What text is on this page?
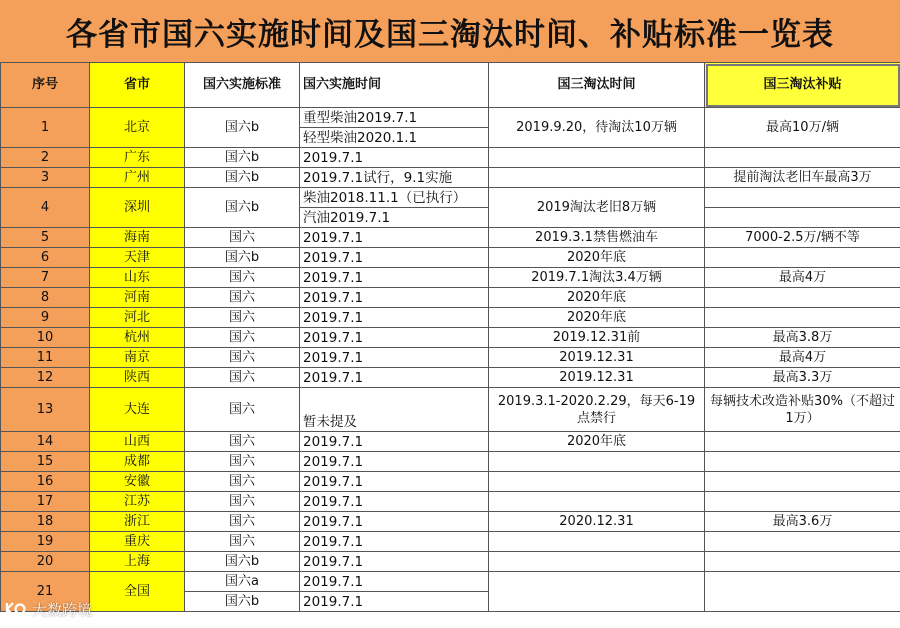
各省市国六实施时间及国三淘汰时间、补贴标准一览表
序号	省市	国六实施标准	国六实施时间	国三淘汰时间	国三淘汰补贴
1	北京	国六b	重型柴油2019.7.1	2019.9.20，待淘汰10万辆	最高10万/辆
			轻型柴油2020.1.1		
2	广东	国六b	2019.7.1		
3	广州	国六b	2019.7.1试行，9.1实施		提前淘汰老旧车最高3万
4	深圳	国六b	柴油2018.11.1（已执行）	2019淘汰老旧8万辆	
			汽油2019.7.1		
5	海南	国六	2019.7.1	2019.3.1禁售燃油车	7000-2.5万/辆不等
6	天津	国六b	2019.7.1	2020年底	
7	山东	国六	2019.7.1	2019.7.1淘汰3.4万辆	最高4万
8	河南	国六	2019.7.1	2020年底	
9	河北	国六	2019.7.1	2020年底	
10	杭州	国六	2019.7.1	2019.12.31前	最高3.8万
11	南京	国六	2019.7.1	2019.12.31	最高4万
12	陕西	国六	2019.7.1	2019.12.31	最高3.3万
13	大连	国六	暂未提及	2019.3.1-2020.2.29，每天6-19点禁行	每辆技术改造补贴30%（不超过1万）
14	山西	国六	2019.7.1	2020年底	
15	成都	国六	2019.7.1		
16	安徽	国六	2019.7.1		
17	江苏	国六	2019.7.1		
18	浙江	国六	2019.7.1	2020.12.31	最高3.6万
19	重庆	国六	2019.7.1		
20	上海	国六b	2019.7.1		
21	全国	国六a	2019.7.1		
		国六b	2019.7.1		
大数跨境
